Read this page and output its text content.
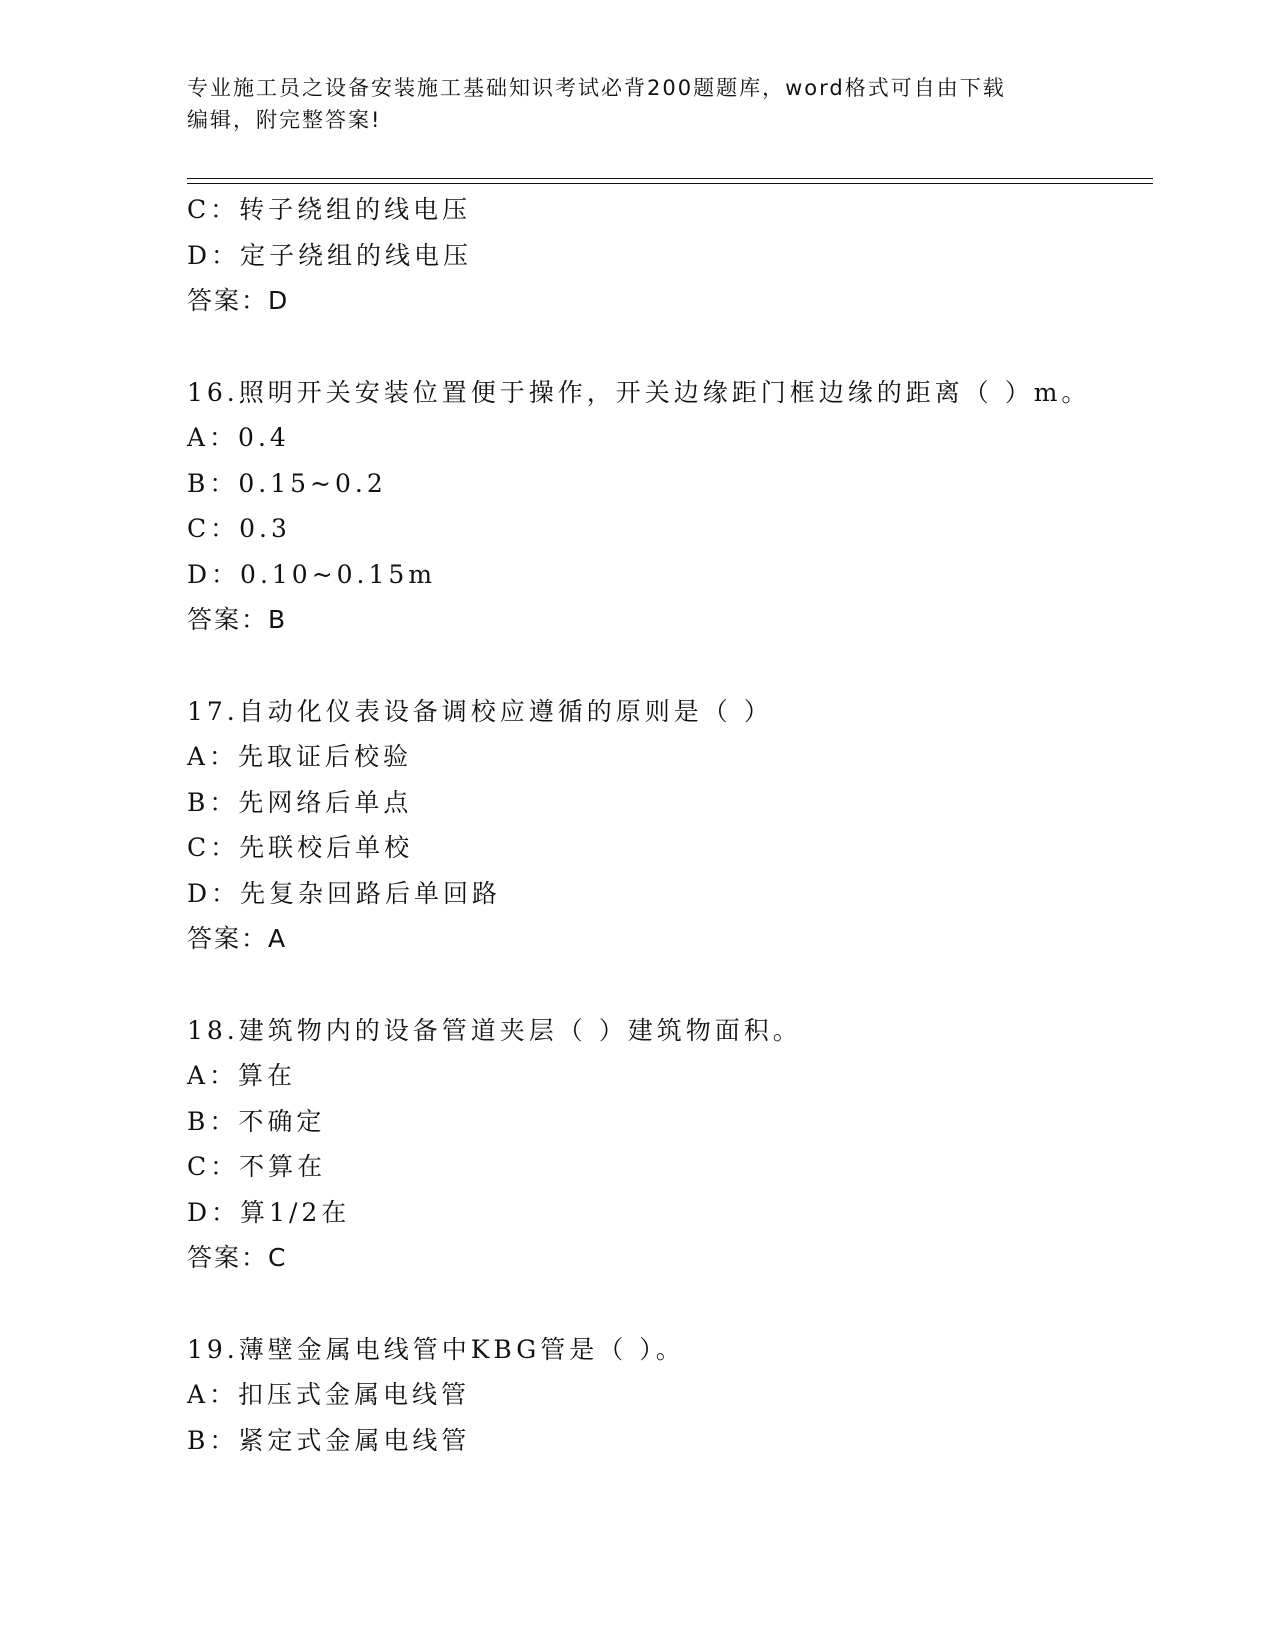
专业施工员之设备安装施工基础知识考试必背200题题库，word格式可自由下载
编辑，附完整答案!
C：转子绕组的线电压
D：定子绕组的线电压
答案：D
16.照明开关安装位置便于操作，开关边缘距门框边缘的距离（ ）m。
A：0.4
B：0.15~0.2
C：0.3
D：0.10~0.15m
答案：B
17.自动化仪表设备调校应遵循的原则是（ ）
A：先取证后校验
B：先网络后单点
C：先联校后单校
D：先复杂回路后单回路
答案：A
18.建筑物内的设备管道夹层（ ）建筑物面积。
A：算在
B：不确定
C：不算在
D：算1/2在
答案：C
19.薄壁金属电线管中KBG管是（ ）。
A：扣压式金属电线管
B：紧定式金属电线管
